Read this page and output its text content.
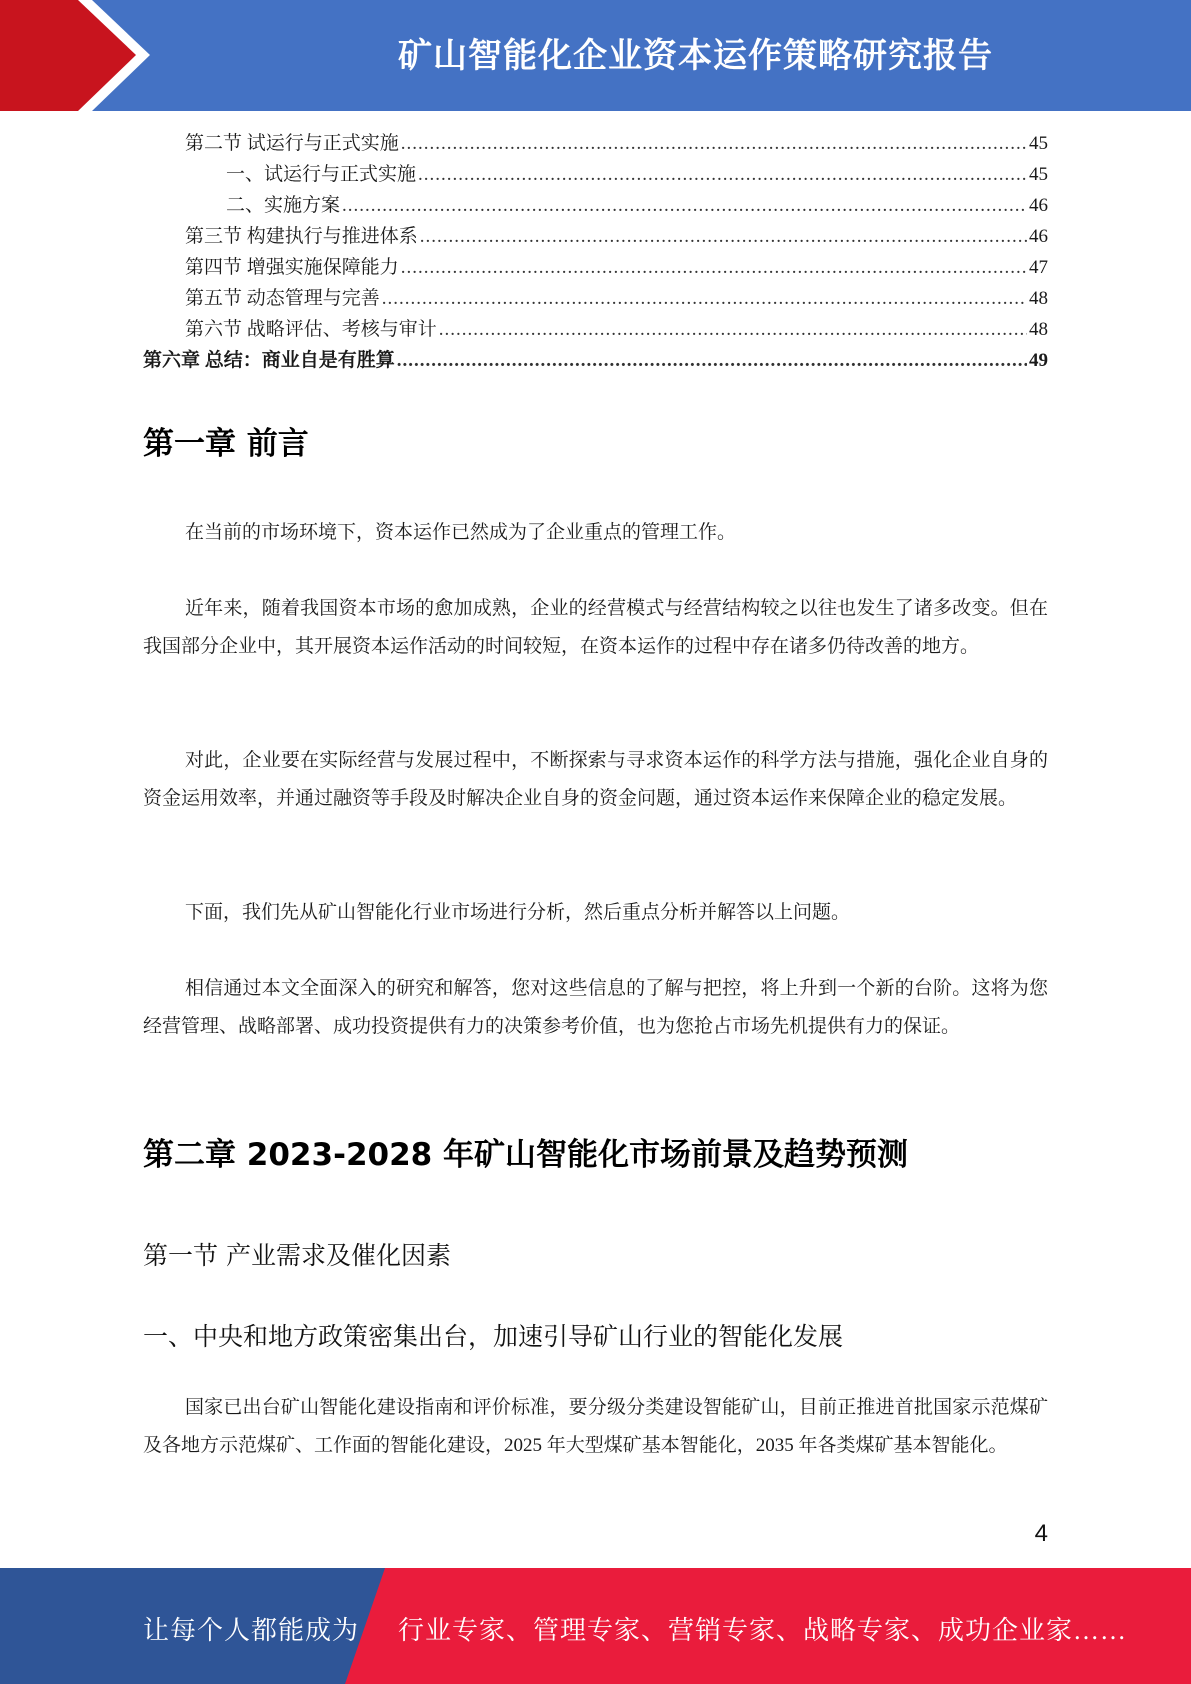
矿山智能化企业资本运作策略研究报告
第二节 试运行与正式实施 .....	45
一、试运行与正式实施 .....	45
二、实施方案 .....	46
第三节 构建执行与推进体系 .....	46
第四节 增强实施保障能力 .....	47
第五节 动态管理与完善 .....	48
第六节 战略评估、考核与审计 .....	48
第六章 总结：商业自是有胜算 .....	49
第一章 前言

在当前的市场环境下，资本运作已然成为了企业重点的管理工作。

近年来，随着我国资本市场的愈加成熟，企业的经营模式与经营结构较之以往也发生了诸多改变。但在我国部分企业中，其开展资本运作活动的时间较短，在资本运作的过程中存在诸多仍待改善的地方。

对此，企业要在实际经营与发展过程中，不断探索与寻求资本运作的科学方法与措施，强化企业自身的资金运用效率，并通过融资等手段及时解决企业自身的资金问题，通过资本运作来保障企业的稳定发展。

下面，我们先从矿山智能化行业市场进行分析，然后重点分析并解答以上问题。

相信通过本文全面深入的研究和解答，您对这些信息的了解与把控，将上升到一个新的台阶。这将为您经营管理、战略部署、成功投资提供有力的决策参考价值，也为您抢占市场先机提供有力的保证。

第二章 2023-2028 年矿山智能化市场前景及趋势预测
第一节 产业需求及催化因素
一、中央和地方政策密集出台，加速引导矿山行业的智能化发展

国家已出台矿山智能化建设指南和评价标准，要分级分类建设智能矿山，目前正推进首批国家示范煤矿及各地方示范煤矿、工作面的智能化建设，2025 年大型煤矿基本智能化，2035 年各类煤矿基本智能化。

4
让每个人都能成为 行业专家、管理专家、营销专家、战略专家、成功企业家……
